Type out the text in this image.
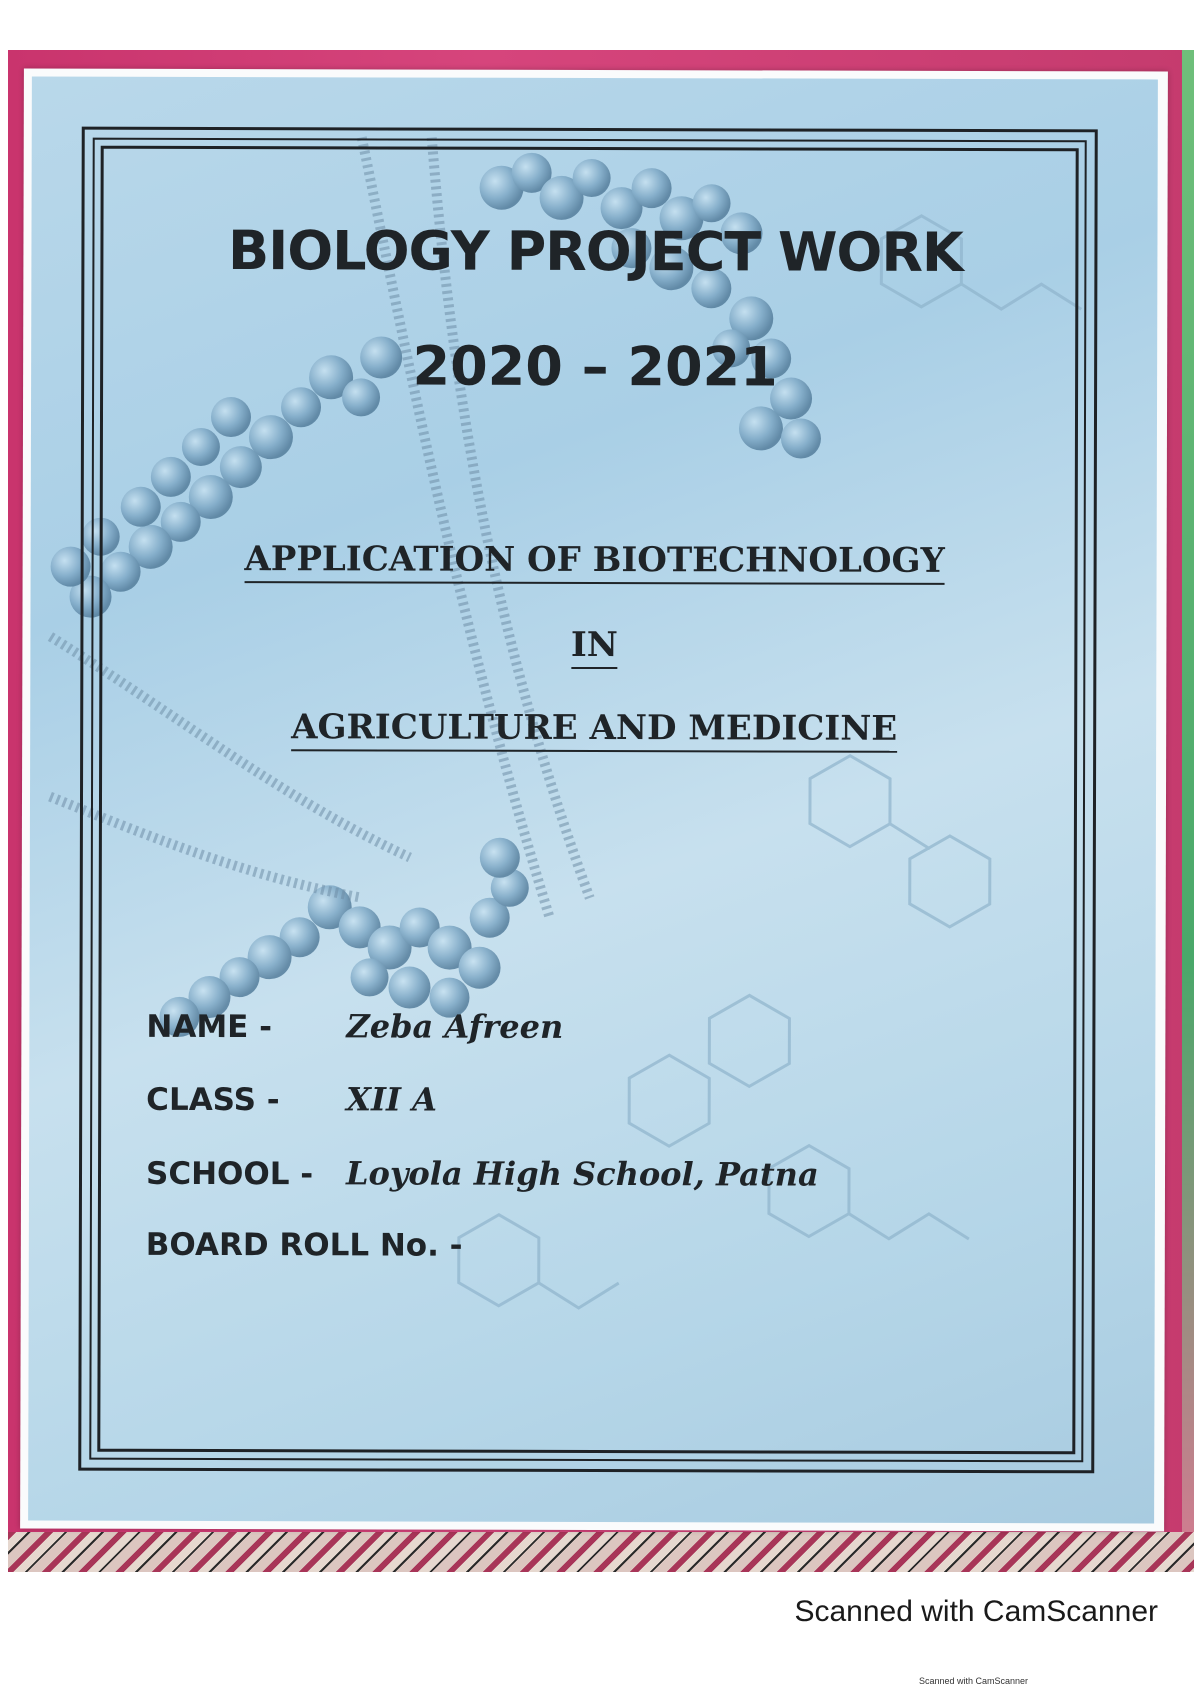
BIOLOGY PROJECT WORK
2020 – 2021
APPLICATION OF BIOTECHNOLOGY
IN
AGRICULTURE AND MEDICINE
NAME - Zeba Afreen
CLASS - XII A
SCHOOL - Loyola High School, Patna
BOARD ROLL No. -
Scanned with CamScanner
Scanned with CamScanner
